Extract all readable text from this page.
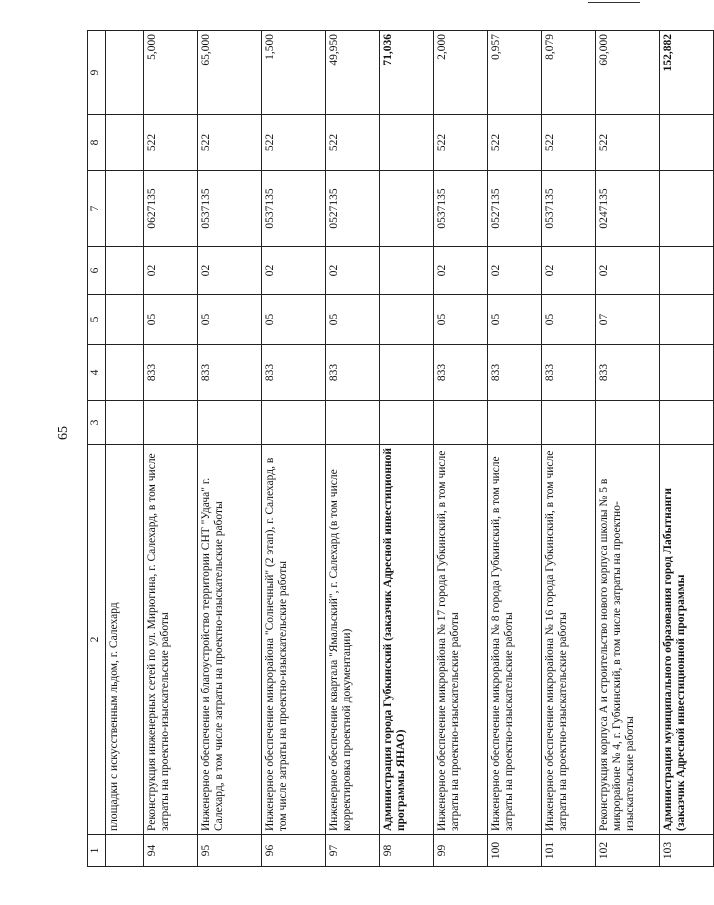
65
1	2	3	4	5	6	7	8	9
	площадки с искусственным льдом, г. Салехард							
94	Реконструкция инженерных сетей по ул. Мирюгина, г. Салехард, в том числе затраты на проектно-изыскательские работы		833	05	02	0627135	522	5,000
95	Инженерное обеспечение и благоустройство территории СНТ "Удача" г. Салехард, в том числе затраты на проектно-изыскательские работы		833	05	02	0537135	522	65,000
96	Инженерное обеспечение микрорайона "Солнечный" (2 этап), г. Салехард, в том числе затраты на проектно-изыскательские работы		833	05	02	0537135	522	1,500
97	Инженерное обеспечение квартала "Ямальский", г. Салехард (в том числе корректировка проектной документации)		833	05	02	0527135	522	49,950
98	Администрация города Губкинский (заказчик Адресной инвестиционной программы ЯНАО)							71,036
99	Инженерное обеспечение микрорайона № 17 города Губкинский, в том числе затраты на проектно-изыскательские работы		833	05	02	0537135	522	2,000
100	Инженерное обеспечение микрорайона № 8 города Губкинский, в том числе затраты на проектно-изыскательские работы		833	05	02	0527135	522	0,957
101	Инженерное обеспечение микрорайона № 16 города Губкинский, в том числе затраты на проектно-изыскательские работы		833	05	02	0537135	522	8,079
102	Реконструкция корпуса А и строительство нового корпуса школы № 5 в микрорайоне № 4, г. Губкинский, в том числе затраты на проектно-изыскательские работы		833	07	02	0247135	522	60,000
103	Администрация муниципального образования город Лабытнанги (заказчик Адресной инвестиционной программы							152,882
